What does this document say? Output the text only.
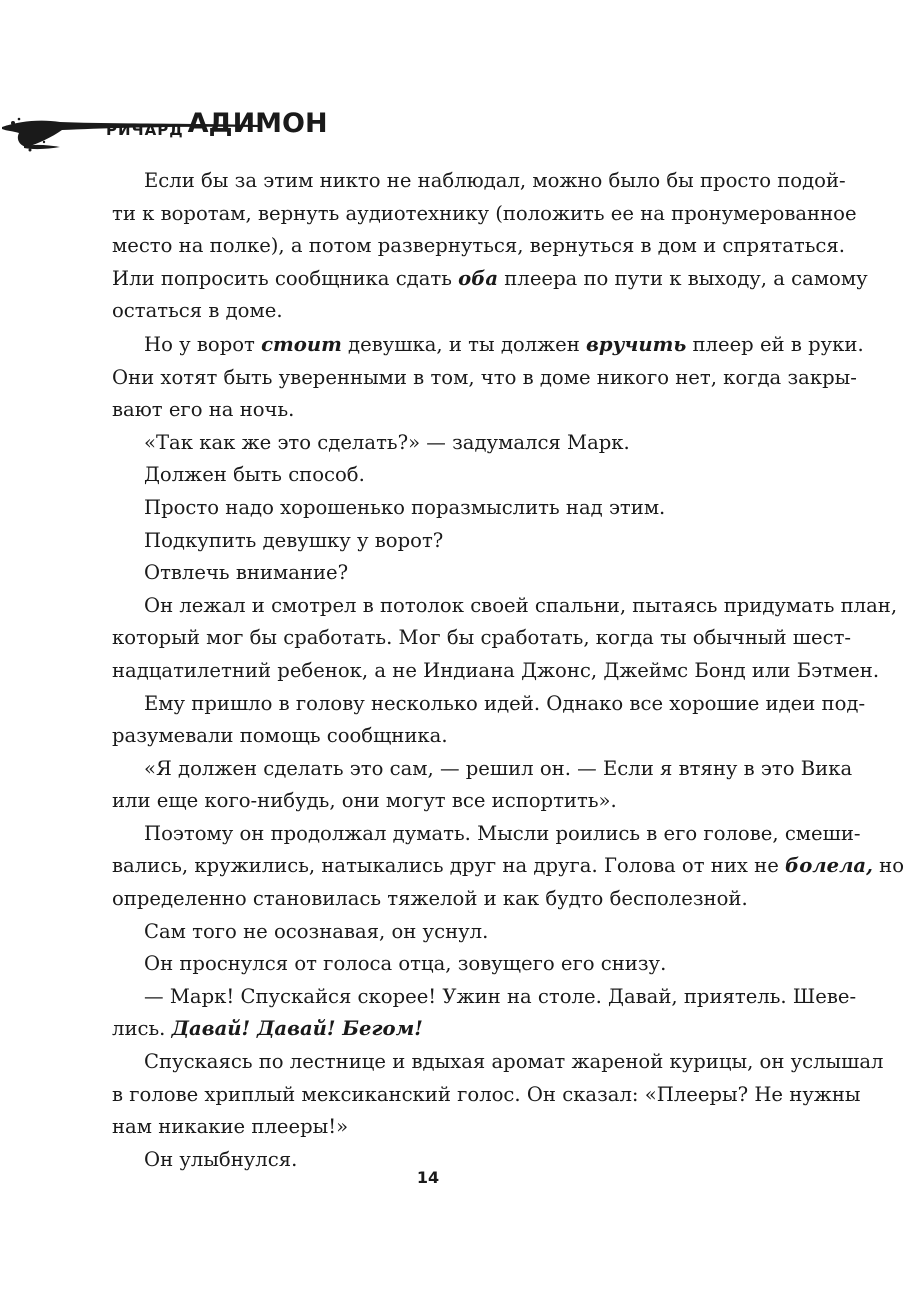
РИЧАРД АДИМОН
Если бы за этим никто не наблюдал, можно было бы просто подой-
ти к воротам, вернуть аудиотехнику (положить ее на пронумерованное
место на полке), а потом развернуться, вернуться в дом и спрятаться.
Или попросить сообщника сдать оба плеера по пути к выходу, а самому
остаться в доме.
Но у ворот стоит девушка, и ты должен вручить плеер ей в руки.
Они хотят быть уверенными в том, что в доме никого нет, когда закры-
вают его на ночь.
«Так как же это сделать?» — задумался Марк.
Должен быть способ.
Просто надо хорошенько поразмыслить над этим.
Подкупить девушку у ворот?
Отвлечь внимание?
Он лежал и смотрел в потолок своей спальни, пытаясь придумать план,
который мог бы сработать. Мог бы сработать, когда ты обычный шест-
надцатилетний ребенок, а не Индиана Джонс, Джеймс Бонд или Бэтмен.
Ему пришло в голову несколько идей. Однако все хорошие идеи под-
разумевали помощь сообщника.
«Я должен сделать это сам, — решил он. — Если я втяну в это Вика
или еще кого-нибудь, они могут все испортить».
Поэтому он продолжал думать. Мысли роились в его голове, смеши-
вались, кружились, натыкались друг на друга. Голова от них не болела, но
определенно становилась тяжелой и как будто бесполезной.
Сам того не осознавая, он уснул.
Он проснулся от голоса отца, зовущего его снизу.
— Марк! Спускайся скорее! Ужин на столе. Давай, приятель. Шеве-
лись. Давай! Давай! Бегом!
Спускаясь по лестнице и вдыхая аромат жареной курицы, он услышал
в голове хриплый мексиканский голос. Он сказал: «Плееры? Не нужны
нам никакие плееры!»
Он улыбнулся.
14
